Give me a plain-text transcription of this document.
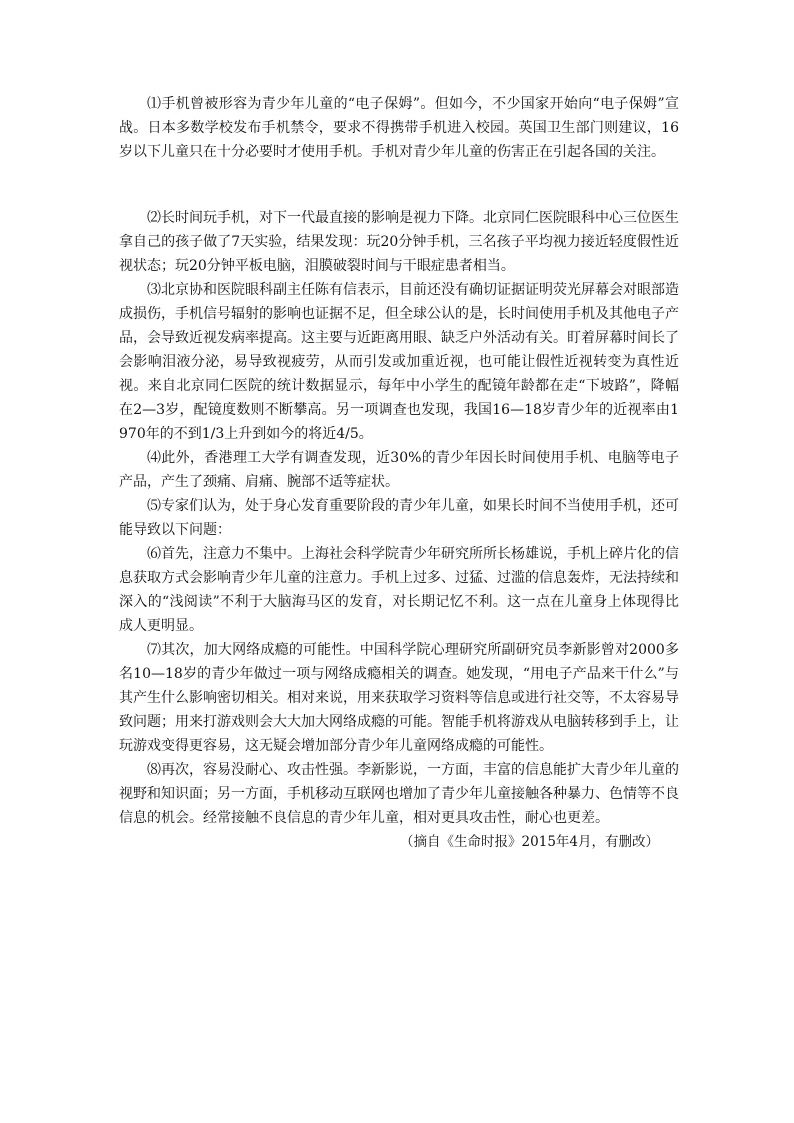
⑴手机曾被形容为青少年儿童的“电子保姆”。但如今，不少国家开始向“电子保姆”宣战。日本多数学校发布手机禁令，要求不得携带手机进入校园。英国卫生部门则建议，16岁以下儿童只在十分必要时才使用手机。手机对青少年儿童的伤害正在引起各国的关注。

⑵长时间玩手机，对下一代最直接的影响是视力下降。北京同仁医院眼科中心三位医生拿自己的孩子做了7天实验，结果发现：玩20分钟手机，三名孩子平均视力接近轻度假性近视状态；玩20分钟平板电脑，泪膜破裂时间与干眼症患者相当。

⑶北京协和医院眼科副主任陈有信表示，目前还没有确切证据证明荧光屏幕会对眼部造成损伤，手机信号辐射的影响也证据不足，但全球公认的是，长时间使用手机及其他电子产品，会导致近视发病率提高。这主要与近距离用眼、缺乏户外活动有关。盯着屏幕时间长了会影响泪液分泌，易导致视疲劳，从而引发或加重近视，也可能让假性近视转变为真性近视。来自北京同仁医院的统计数据显示，每年中小学生的配镜年龄都在走“下坡路”，降幅在2—3岁，配镜度数则不断攀高。另一项调查也发现，我国16—18岁青少年的近视率由1970年的不到1/3上升到如今的将近4/5。

⑷此外，香港理工大学有调查发现，近30%的青少年因长时间使用手机、电脑等电子产品，产生了颈痛、肩痛、腕部不适等症状。

⑸专家们认为，处于身心发育重要阶段的青少年儿童，如果长时间不当使用手机，还可能导致以下问题：

⑹首先，注意力不集中。上海社会科学院青少年研究所所长杨雄说，手机上碎片化的信息获取方式会影响青少年儿童的注意力。手机上过多、过猛、过滥的信息轰炸，无法持续和深入的“浅阅读”不利于大脑海马区的发育，对长期记忆不利。这一点在儿童身上体现得比成人更明显。

⑺其次，加大网络成瘾的可能性。中国科学院心理研究所副研究员李新影曾对2000多名10—18岁的青少年做过一项与网络成瘾相关的调查。她发现，“用电子产品来干什么”与其产生什么影响密切相关。相对来说，用来获取学习资料等信息或进行社交等，不太容易导致问题；用来打游戏则会大大加大网络成瘾的可能。智能手机将游戏从电脑转移到手上，让玩游戏变得更容易，这无疑会增加部分青少年儿童网络成瘾的可能性。

⑻再次，容易没耐心、攻击性强。李新影说，一方面，丰富的信息能扩大青少年儿童的视野和知识面；另一方面，手机移动互联网也增加了青少年儿童接触各种暴力、色情等不良信息的机会。经常接触不良信息的青少年儿童，相对更具攻击性，耐心也更差。

（摘自《生命时报》2015年4月，有删改）
